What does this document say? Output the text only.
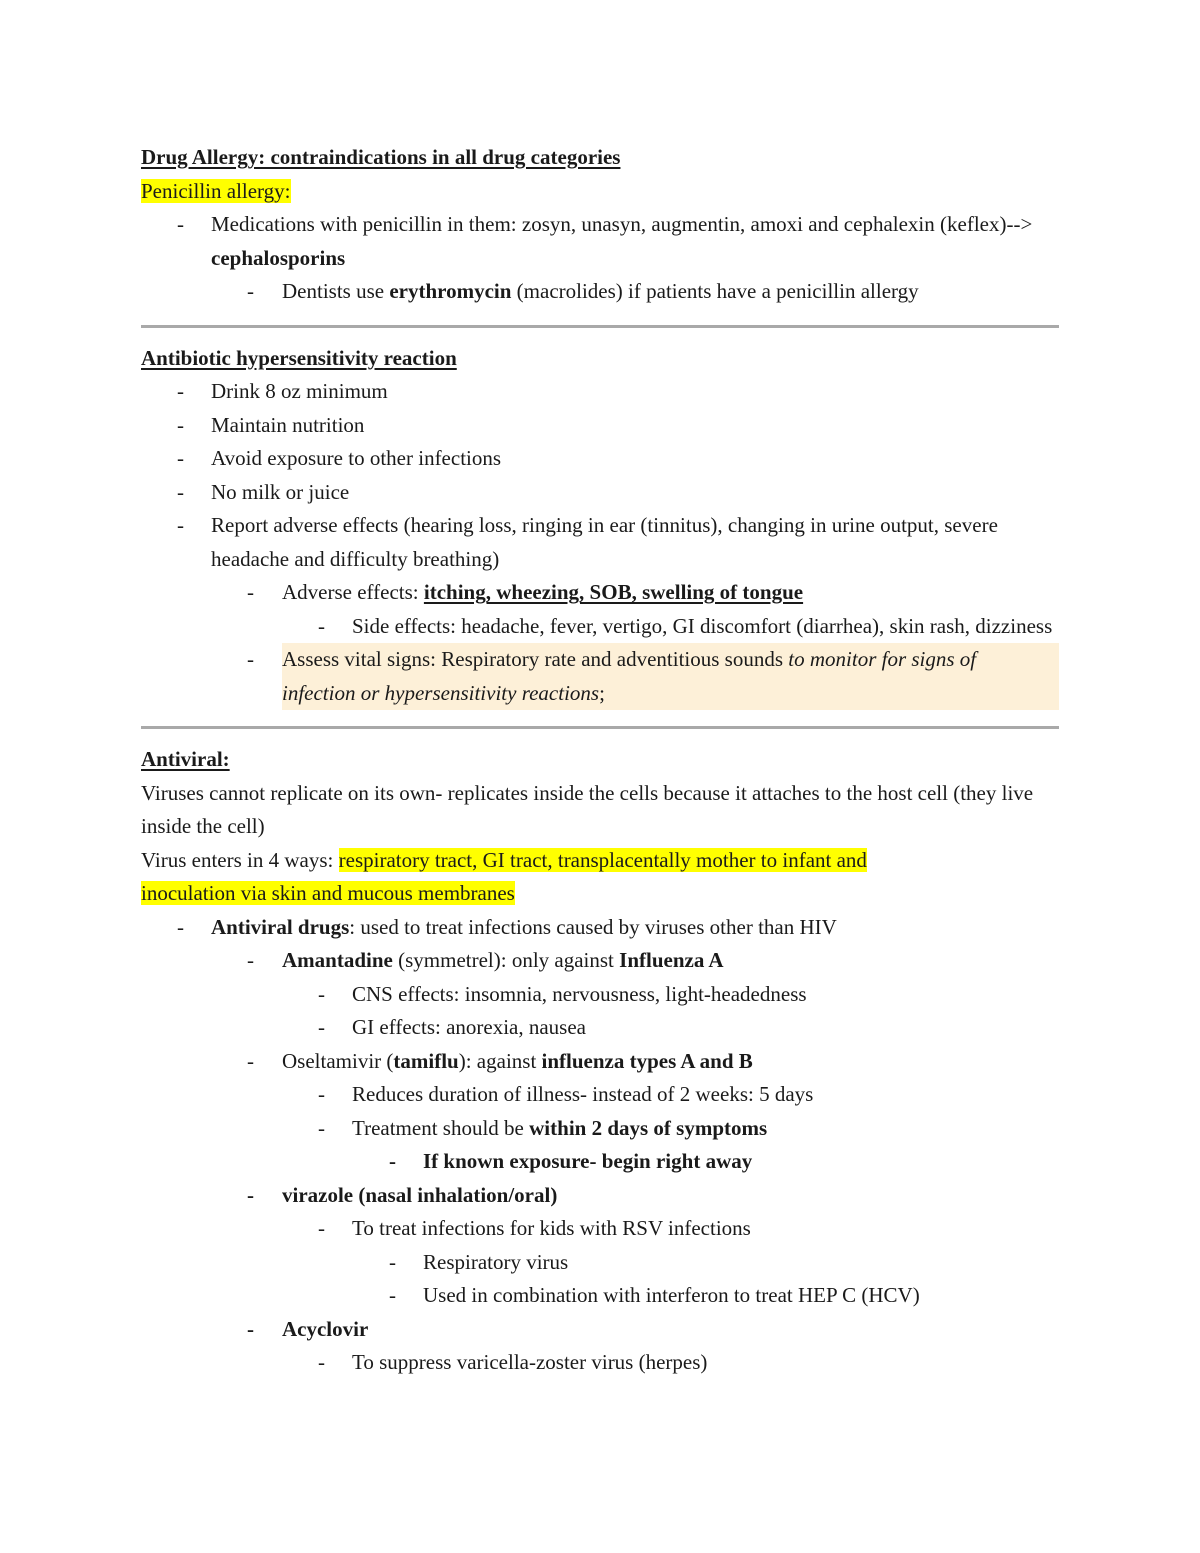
Drug Allergy: contraindications in all drug categories
Penicillin allergy:
- Medications with penicillin in them: zosyn, unasyn, augmentin, amoxi and cephalexin (keflex)--> cephalosporins
- Dentists use erythromycin (macrolides) if patients have a penicillin allergy
Antibiotic hypersensitivity reaction
- Drink 8 oz minimum
- Maintain nutrition
- Avoid exposure to other infections
- No milk or juice
- Report adverse effects (hearing loss, ringing in ear (tinnitus), changing in urine output, severe headache and difficulty breathing)
- Adverse effects: itching, wheezing, SOB, swelling of tongue
- Side effects: headache, fever, vertigo, GI discomfort (diarrhea), skin rash, dizziness
- Assess vital signs: Respiratory rate and adventitious sounds to monitor for signs of infection or hypersensitivity reactions;
Antiviral:
Viruses cannot replicate on its own- replicates inside the cells because it attaches to the host cell (they live inside the cell)
Virus enters in 4 ways: respiratory tract, GI tract, transplacentally mother to infant and
inoculation via skin and mucous membranes
- Antiviral drugs: used to treat infections caused by viruses other than HIV
- Amantadine (symmetrel): only against Influenza A
- CNS effects: insomnia, nervousness, light-headedness
- GI effects: anorexia, nausea
- Oseltamivir (tamiflu): against influenza types A and B
- Reduces duration of illness- instead of 2 weeks: 5 days
- Treatment should be within 2 days of symptoms
- If known exposure- begin right away
- virazole (nasal inhalation/oral)
- To treat infections for kids with RSV infections
- Respiratory virus
- Used in combination with interferon to treat HEP C (HCV)
- Acyclovir
- To suppress varicella-zoster virus (herpes)
